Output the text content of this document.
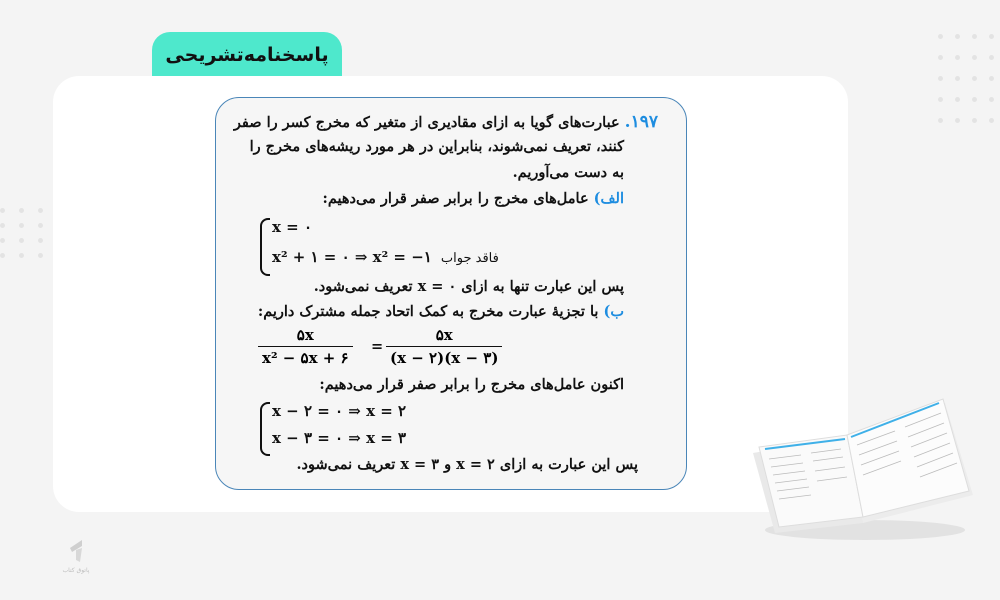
پاسخنامه‌تشریحی
۱۹۷. عبارت‌های گویا به ازای مقادیری از متغیر که مخرج کسر را صفر
کنند، تعریف نمی‌شوند، بنابراین در هر مورد ریشه‌های مخرج را
به دست می‌آوریم.
الف) عامل‌های مخرج را برابر صفر قرار می‌دهیم:
x = ۰
x² + ۱ = ۰ ⇒ x² = −۱ فاقد جواب
پس این عبارت تنها به ازای x = ۰ تعریف نمی‌شود.
ب) با تجزیهٔ عبارت مخرج به کمک اتحاد جمله مشترک داریم:
$\frac{۵x}{\text{x² − ۵x + ۶}} = \frac{۵x}{(x - ۲)(x - ۳)}$
اکنون عامل‌های مخرج را برابر صفر قرار می‌دهیم:
x − ۲ = ۰ ⇒ x = ۲
x − ۳ = ۰ ⇒ x = ۳
پس این عبارت به ازای x = ۲ و x = ۳ تعریف نمی‌شود.
پاتوق کتاب
